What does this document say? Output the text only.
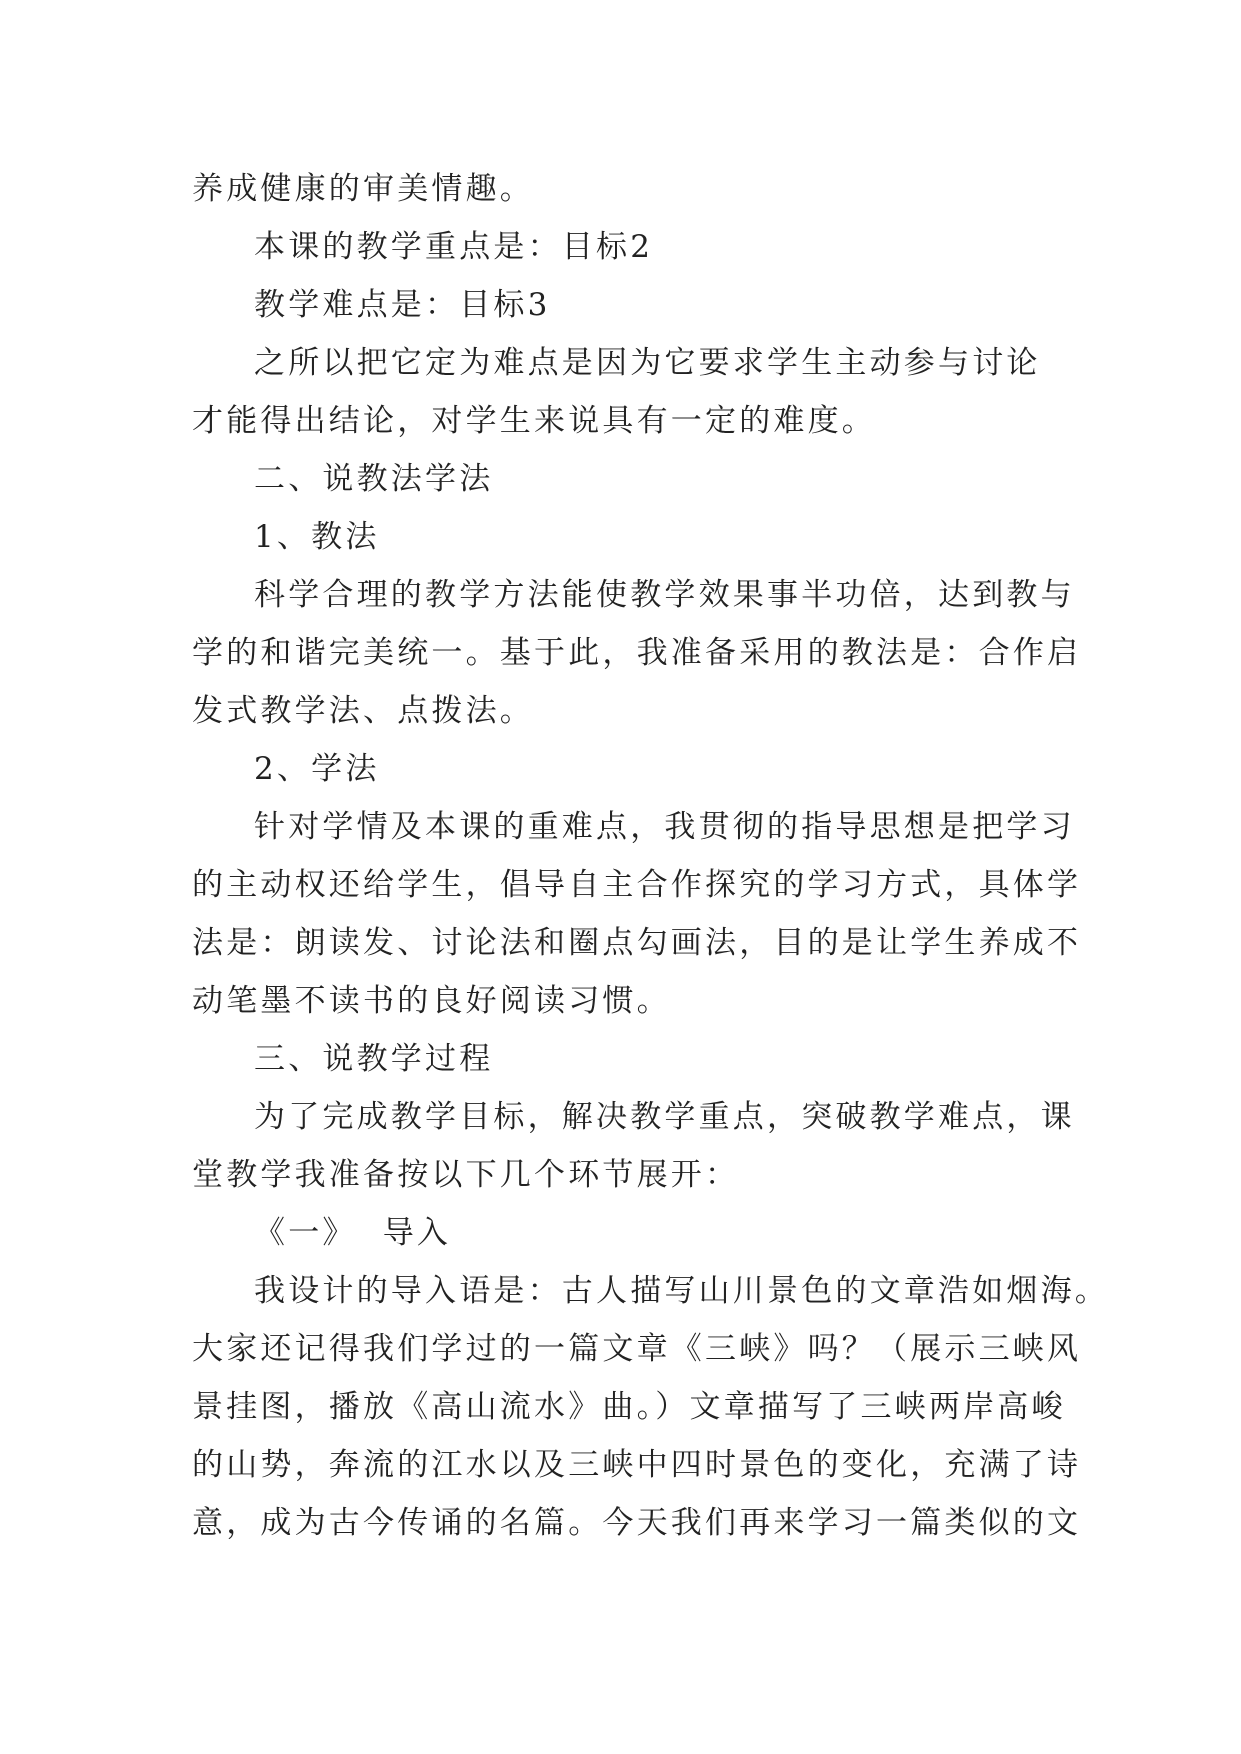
养成健康的审美情趣。
本课的教学重点是：目标2
教学难点是：目标3
之所以把它定为难点是因为它要求学生主动参与讨论
才能得出结论，对学生来说具有一定的难度。
二、说教法学法
1、教法
科学合理的教学方法能使教学效果事半功倍，达到教与
学的和谐完美统一。基于此，我准备采用的教法是：合作启
发式教学法、点拨法。
2、学法
针对学情及本课的重难点，我贯彻的指导思想是把学习
的主动权还给学生，倡导自主合作探究的学习方式，具体学
法是：朗读发、讨论法和圈点勾画法，目的是让学生养成不
动笔墨不读书的良好阅读习惯。
三、说教学过程
为了完成教学目标，解决教学重点，突破教学难点，课
堂教学我准备按以下几个环节展开：
《一》  导入
我设计的导入语是：古人描写山川景色的文章浩如烟海。
大家还记得我们学过的一篇文章《三峡》吗？（展示三峡风
景挂图，播放《高山流水》曲。）文章描写了三峡两岸高峻
的山势，奔流的江水以及三峡中四时景色的变化，充满了诗
意，成为古今传诵的名篇。今天我们再来学习一篇类似的文
